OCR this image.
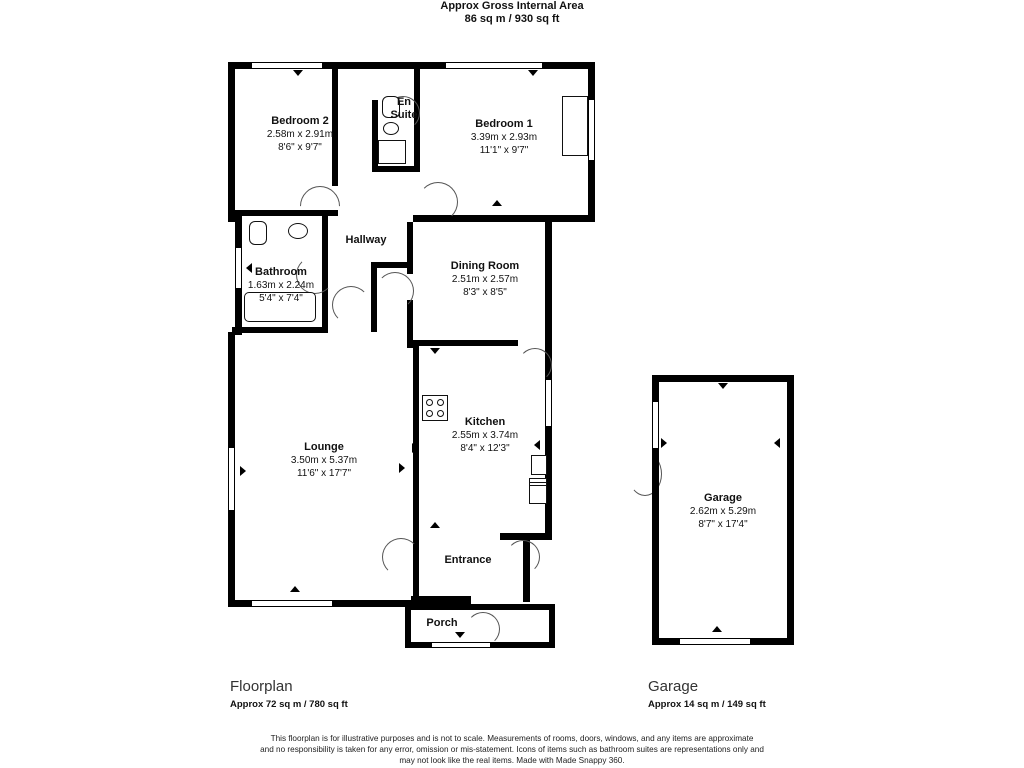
Approx Gross Internal Area
86 sq m / 930 sq ft
Bedroom 2
2.58m x 2.91m
8'6" x 9'7"
En
Suite
Bedroom 1
3.39m x 2.93m
11'1" x 9'7"
Hallway
Bathroom
1.63m x 2.24m
5'4" x 7'4"
Dining Room
2.51m x 2.57m
8'3" x 8'5"
Lounge
3.50m x 5.37m
11'6" x 17'7"
Kitchen
2.55m x 3.74m
8'4" x 12'3"
Entrance
Porch
Garage
2.62m x 5.29m
8'7" x 17'4"
Floorplan
Approx 72 sq m / 780 sq ft
Garage
Approx 14 sq m / 149 sq ft
This floorplan is for illustrative purposes and is not to scale. Measurements of rooms, doors, windows, and any items are approximate
and no responsibility is taken for any error, omission or mis-statement. Icons of items such as bathroom suites are representations only and
may not look like the real items. Made with Made Snappy 360.
